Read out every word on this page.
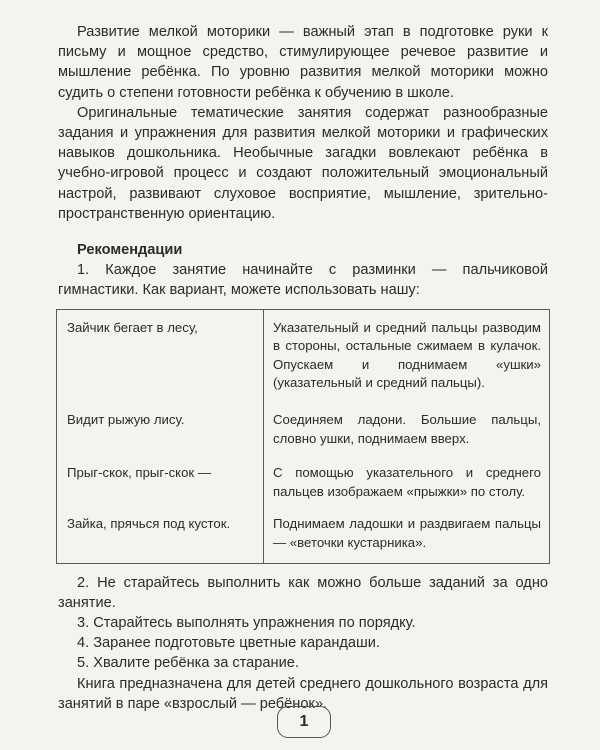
Развитие мелкой моторики — важный этап в подготовке руки к письму и мощное средство, стимулирующее речевое развитие и мышление ребёнка. По уровню развития мелкой моторики можно судить о степени готовности ребёнка к обучению в школе.

Оригинальные тематические занятия содержат разнообразные задания и упражнения для развития мелкой моторики и графических навыков дошкольника. Необычные загадки вовлекают ребёнка в учебно-игровой процесс и создают положительный эмоциональный настрой, развивают слуховое восприятие, мышление, зрительно-пространственную ориентацию.

Рекомендации

1. Каждое занятие начинайте с разминки — пальчиковой гимнастики. Как вариант, можете использовать нашу:

Зайчик бегает в лесу,	Указательный и средний пальцы разводим в стороны, остальные сжимаем в кулачок. Опускаем и поднимаем «ушки» (указательный и средний пальцы).
Видит рыжую лису.	Соединяем ладони. Большие пальцы, словно ушки, поднимаем вверх.
Прыг-скок, прыг-скок —	С помощью указательного и среднего пальцев изображаем «прыжки» по столу.
Зайка, прячься под кусток.	Поднимаем ладошки и раздвигаем пальцы — «веточки кустарника».

2. Не старайтесь выполнить как можно больше заданий за одно занятие.

3. Старайтесь выполнять упражнения по порядку.

4. Заранее подготовьте цветные карандаши.

5. Хвалите ребёнка за старание.

Книга предназначена для детей среднего дошкольного возраста для занятий в паре «взрослый — ребёнок».

1
